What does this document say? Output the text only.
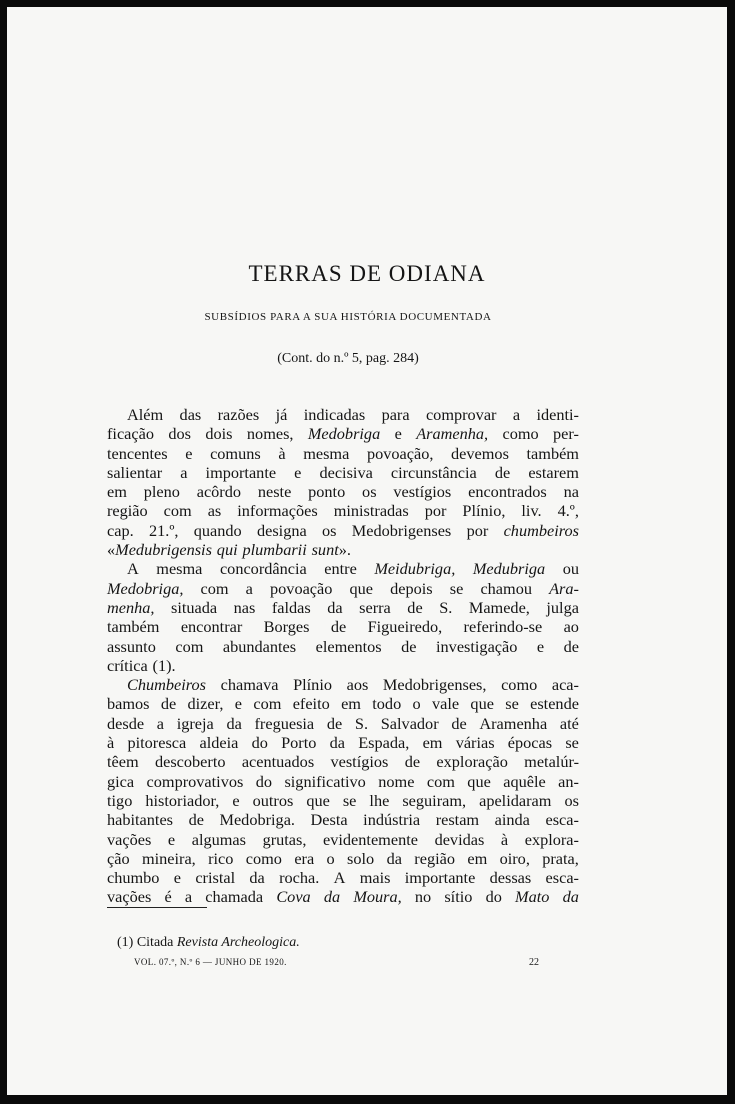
TERRAS DE ODIANA
SUBSÍDIOS PARA A SUA HISTÓRIA DOCUMENTADA
(Cont. do n.º 5, pag. 284)
Além das razões já indicadas para comprovar a identi-
ficação dos dois nomes, Medobriga e Aramenha, como per-
tencentes e comuns à mesma povoação, devemos também
salientar a importante e decisiva circunstância de estarem
em pleno acôrdo neste ponto os vestígios encontrados na
região com as informações ministradas por Plínio, liv. 4.º,
cap. 21.º, quando designa os Medobrigenses por chumbeiros
«Medubrigensis qui plumbarii sunt».
A mesma concordância entre Meidubriga, Medubriga ou
Medobriga, com a povoação que depois se chamou Ara-
menha, situada nas faldas da serra de S. Mamede, julga
também encontrar Borges de Figueiredo, referindo-se ao
assunto com abundantes elementos de investigação e de
crítica (1).
Chumbeiros chamava Plínio aos Medobrigenses, como aca-
bamos de dizer, e com efeito em todo o vale que se estende
desde a igreja da freguesia de S. Salvador de Aramenha até
à pitoresca aldeia do Porto da Espada, em várias épocas se
têem descoberto acentuados vestígios de exploração metalúr-
gica comprovativos do significativo nome com que aquêle an-
tigo historiador, e outros que se lhe seguiram, apelidaram os
habitantes de Medobriga. Desta indústria restam ainda esca-
vações e algumas grutas, evidentemente devidas à explora-
ção mineira, rico como era o solo da região em oiro, prata,
chumbo e cristal da rocha. A mais importante dessas esca-
vações é a chamada Cova da Moura, no sítio do Mato da
(1) Citada Revista Archeologica.
VOL. 07.º, N.º 6 — JUNHO DE 1920.	22
